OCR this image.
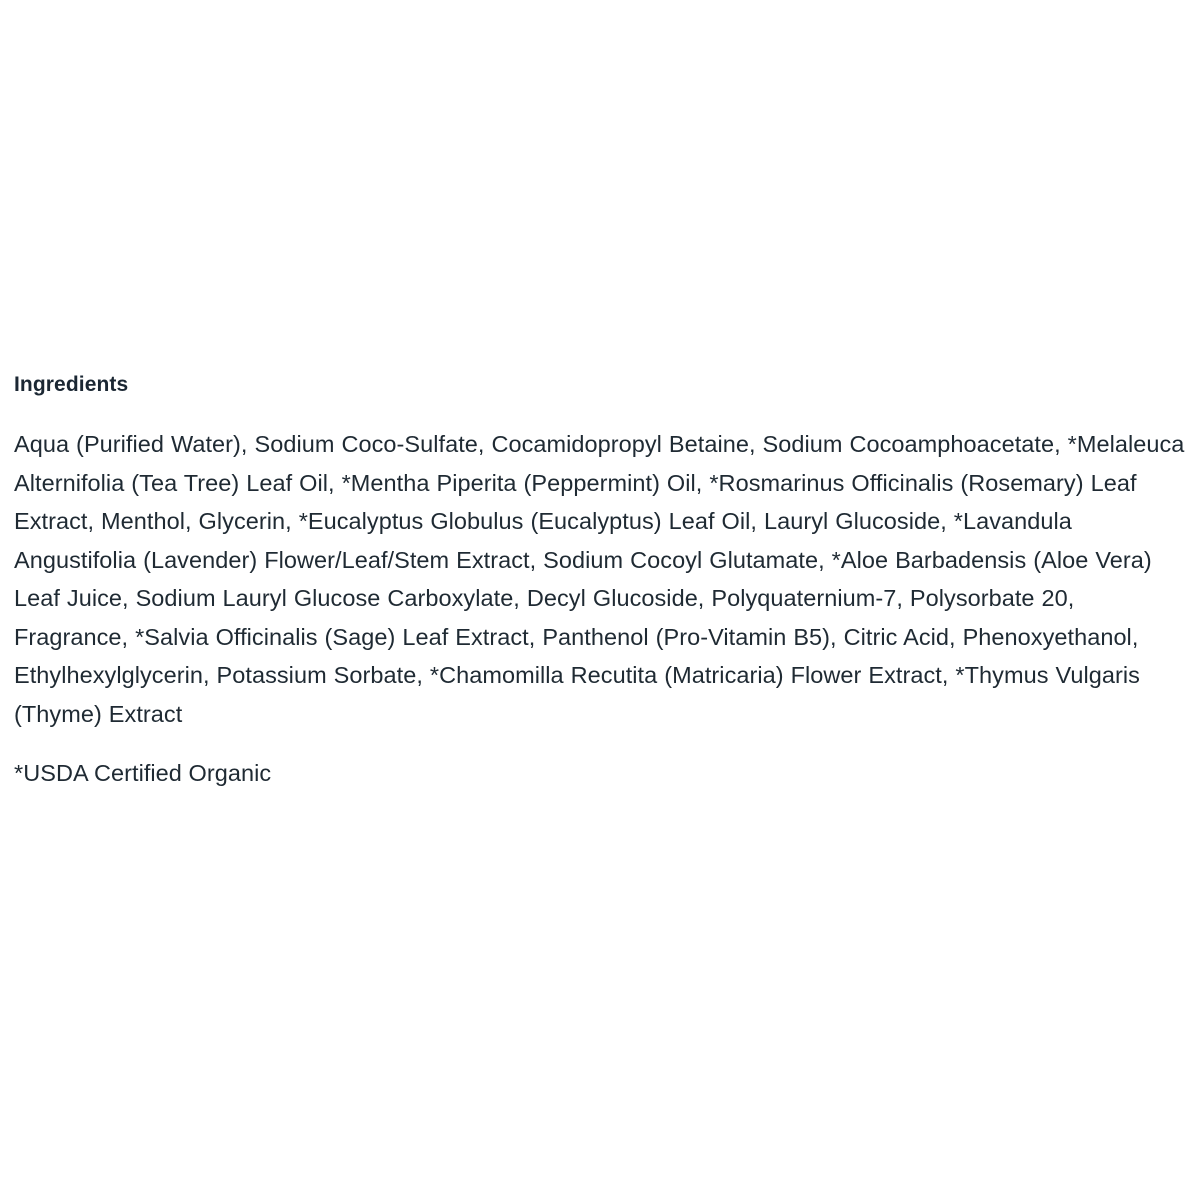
Ingredients

Aqua (Purified Water), Sodium Coco-Sulfate, Cocamidopropyl Betaine, Sodium Cocoamphoacetate, *Melaleuca Alternifolia (Tea Tree) Leaf Oil, *Mentha Piperita (Peppermint) Oil, *Rosmarinus Officinalis (Rosemary) Leaf Extract, Menthol, Glycerin, *Eucalyptus Globulus (Eucalyptus) Leaf Oil, Lauryl Glucoside, *Lavandula Angustifolia (Lavender) Flower/Leaf/Stem Extract, Sodium Cocoyl Glutamate, *Aloe Barbadensis (Aloe Vera) Leaf Juice, Sodium Lauryl Glucose Carboxylate, Decyl Glucoside, Polyquaternium-7, Polysorbate 20, Fragrance, *Salvia Officinalis (Sage) Leaf Extract, Panthenol (Pro-Vitamin B5), Citric Acid, Phenoxyethanol, Ethylhexylglycerin, Potassium Sorbate, *Chamomilla Recutita (Matricaria) Flower Extract, *Thymus Vulgaris (Thyme) Extract

*USDA Certified Organic
